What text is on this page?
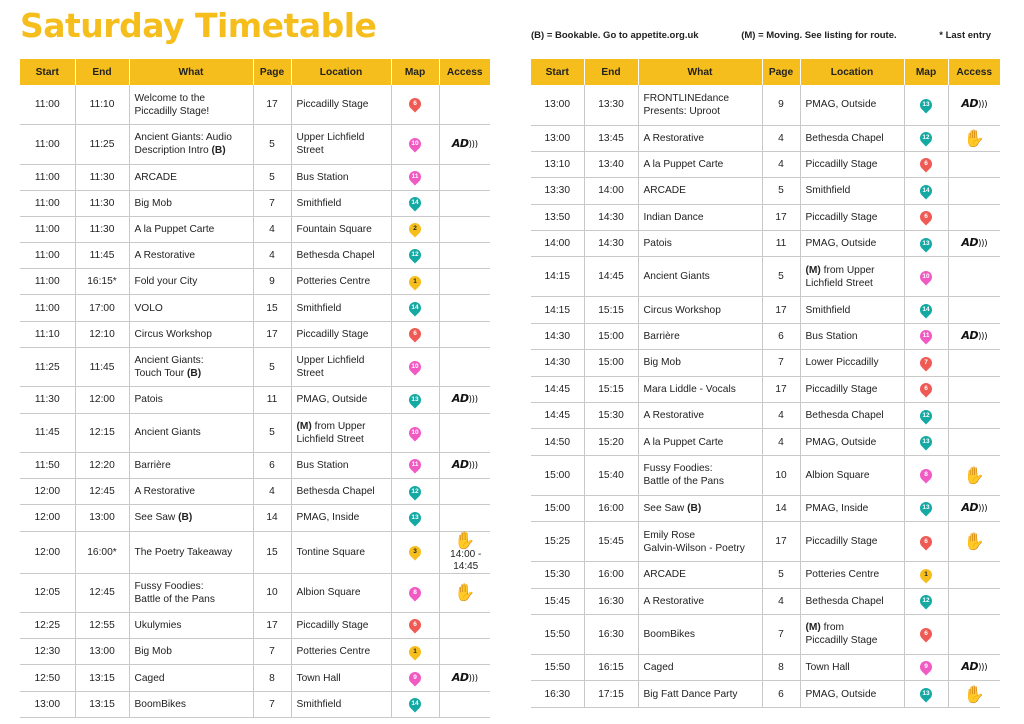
Saturday Timetable	(B) = Bookable. Go to appetite.org.uk	(M) = Moving. See listing for route.	* Last entry
Start	End	What	Page	Location	Map	Access
11:00	11:10	Welcome to the
Piccadilly Stage!	17	Piccadilly Stage	6	

11:00	11:25	Ancient Giants: Audio
Description Intro (B)	5	Upper Lichfield
Street	10	AD)))
11:00	11:30	ARCADE	5	Bus Station	11	

11:00	11:30	Big Mob	7	Smithfield	14	

11:00	11:30	A la Puppet Carte	4	Fountain Square	2	

11:00	11:45	A Restorative	4	Bethesda Chapel	12	

11:00	16:15*	Fold your City	9	Potteries Centre	1	

11:00	17:00	VOLO	15	Smithfield	14	

11:10	12:10	Circus Workshop	17	Piccadilly Stage	6	

11:25	11:45	Ancient Giants:
Touch Tour (B)	5	Upper Lichfield
Street	10	

11:30	12:00	Patois	11	PMAG, Outside	13	AD)))
11:45	12:15	Ancient Giants	5	(M) from Upper
Lichfield Street	10	

11:50	12:20	Barrière	6	Bus Station	11	AD)))
12:00	12:45	A Restorative	4	Bethesda Chapel	12	

12:00	13:00	See Saw (B)	14	PMAG, Inside	13	

12:00	16:00*	The Poetry Takeaway	15	Tontine Square	3	✋14:00 -
14:45
12:05	12:45	Fussy Foodies:
Battle of the Pans	10	Albion Square	8	✋
12:25	12:55	Ukulymies	17	Piccadilly Stage	6	

12:30	13:00	Big Mob	7	Potteries Centre	1	

12:50	13:15	Caged	8	Town Hall	9	AD)))
13:00	13:15	BoomBikes	7	Smithfield	14	

Start	End	What	Page	Location	Map	Access
13:00	13:30	FRONTLINEdance
Presents: Uproot	9	PMAG, Outside	13	AD)))
13:00	13:45	A Restorative	4	Bethesda Chapel	12	✋
13:10	13:40	A la Puppet Carte	4	Piccadilly Stage	6	

13:30	14:00	ARCADE	5	Smithfield	14	

13:50	14:30	Indian Dance	17	Piccadilly Stage	6	

14:00	14:30	Patois	11	PMAG, Outside	13	AD)))
14:15	14:45	Ancient Giants	5	(M) from Upper
Lichfield Street	10	

14:15	15:15	Circus Workshop	17	Smithfield	14	

14:30	15:00	Barrière	6	Bus Station	11	AD)))
14:30	15:00	Big Mob	7	Lower Piccadilly	7	

14:45	15:15	Mara Liddle - Vocals	17	Piccadilly Stage	6	

14:45	15:30	A Restorative	4	Bethesda Chapel	12	

14:50	15:20	A la Puppet Carte	4	PMAG, Outside	13	

15:00	15:40	Fussy Foodies:
Battle of the Pans	10	Albion Square	8	✋
15:00	16:00	See Saw (B)	14	PMAG, Inside	13	AD)))
15:25	15:45	Emily Rose
Galvin-Wilson - Poetry	17	Piccadilly Stage	6	✋
15:30	16:00	ARCADE	5	Potteries Centre	1	

15:45	16:30	A Restorative	4	Bethesda Chapel	12	

15:50	16:30	BoomBikes	7	(M) from
Piccadilly Stage	6	

15:50	16:15	Caged	8	Town Hall	9	AD)))
16:30	17:15	Big Fatt Dance Party	6	PMAG, Outside	13	✋
